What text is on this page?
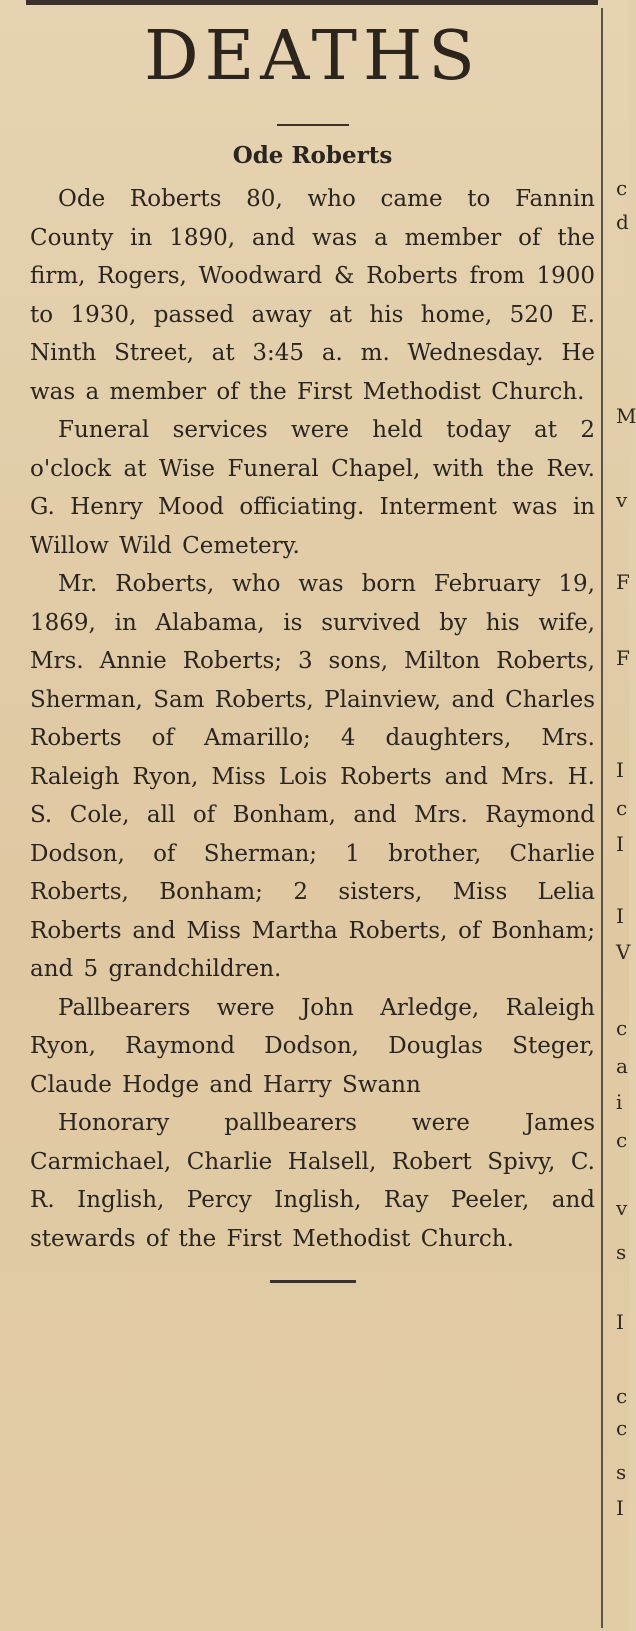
c
d
M
v
F
F
I
c
I
I
V
c
a
i
c
v
s
I
c
c
s
I
DEATHS
Ode Roberts

Ode Roberts 80, who came to Fannin County in 1890, and was a member of the firm, Rogers, Woodward & Roberts from 1900 to 1930, passed away at his home, 520 E. Ninth Street, at 3:45 a. m. Wednesday. He was a member of the First Methodist Church.

Funeral services were held today at 2 o'clock at Wise Funeral Chapel, with the Rev. G. Henry Mood officiating. Interment was in Willow Wild Cemetery.

Mr. Roberts, who was born February 19, 1869, in Alabama, is survived by his wife, Mrs. Annie Roberts; 3 sons, Milton Roberts, Sherman, Sam Roberts, Plainview, and Charles Roberts of Amarillo; 4 daughters, Mrs. Raleigh Ryon, Miss Lois Roberts and Mrs. H. S. Cole, all of Bonham, and Mrs. Raymond Dodson, of Sherman; 1 brother, Charlie Roberts, Bonham; 2 sisters, Miss Lelia Roberts and Miss Martha Roberts, of Bonham; and 5 grandchildren.

Pallbearers were John Arledge, Raleigh Ryon, Raymond Dodson, Douglas Steger, Claude Hodge and Harry Swann

Honorary pallbearers were James Carmichael, Charlie Halsell, Robert Spivy, C. R. Inglish, Percy Inglish, Ray Peeler, and stewards of the First Methodist Church.
